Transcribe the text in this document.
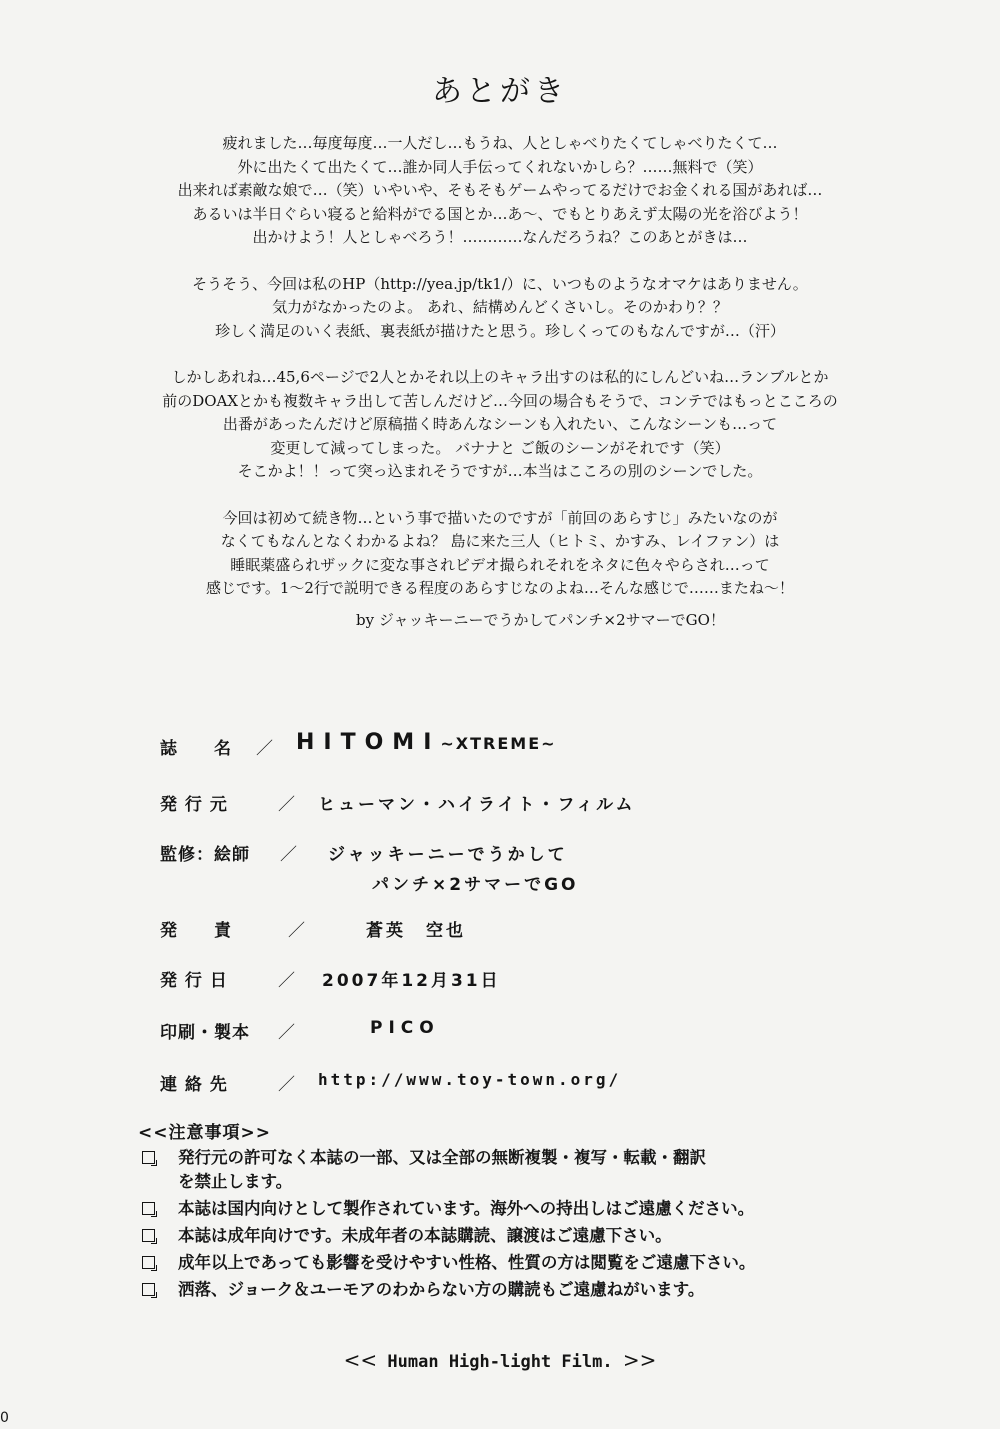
あとがき
疲れました…毎度毎度…一人だし…もうね、人としゃべりたくてしゃべりたくて…
外に出たくて出たくて…誰か同人手伝ってくれないかしら？……無料で（笑）
出来れば素敵な娘で…（笑）いやいや、そもそもゲームやってるだけでお金くれる国があれば…
あるいは半日ぐらい寝ると給料がでる国とか…あ～、でもとりあえず太陽の光を浴びよう！
出かけよう！人としゃべろう！…………なんだろうね？このあとがきは…
そうそう、今回は私のHP（http://yea.jp/tk1/）に、いつものようなオマケはありません。
気力がなかったのよ。 あれ、結構めんどくさいし。そのかわり？？
珍しく満足のいく表紙、裏表紙が描けたと思う。珍しくってのもなんですが…（汗）
しかしあれね…45,6ページで2人とかそれ以上のキャラ出すのは私的にしんどいね…ランブルとか
前のDOAXとかも複数キャラ出して苦しんだけど…今回の場合もそうで、コンテではもっとこころの
出番があったんだけど原稿描く時あんなシーンも入れたい、こんなシーンも…って
変更して減ってしまった。 バナナと ご飯のシーンがそれです（笑）
そこかよ！！って突っ込まれそうですが…本当はこころの別のシーンでした。
今回は初めて続き物…という事で描いたのですが「前回のあらすじ」みたいなのが
なくてもなんとなくわかるよね？ 島に来た三人（ヒトミ、かすみ、レイファン）は
睡眠薬盛られザックに変な事されビデオ撮られそれをネタに色々やらされ…って
感じです。1～2行で説明できる程度のあらすじなのよね…そんな感じで……またね～！
by ジャッキーニーでうかしてパンチ×2サマーでGO！
誌　　名 ／ HITOMI~XTREME~
発 行 元	／ ヒューマン・ハイライト・フィルム
監修：絵師 ／ ジャッキーニーでうかして
パンチ×2サマーでGO
発　　責	／	蒼英　空也
発 行 日	／ 2007年12月31日
印刷・製本 ／	PICO
連 絡 先	／ http://www.toy-town.org/
<<注意事項>>
発行元の許可なく本誌の一部、又は全部の無断複製・複写・転載・翻訳
を禁止します。
本誌は国内向けとして製作されています。海外への持出しはご遠慮ください。
本誌は成年向けです。未成年者の本誌購読、譲渡はご遠慮下さい。
成年以上であっても影響を受けやすい性格、性質の方は閲覧をご遠慮下さい。
洒落、ジョーク＆ユーモアのわからない方の購読もご遠慮ねがいます。
<< Human High-light Film. >>
0
